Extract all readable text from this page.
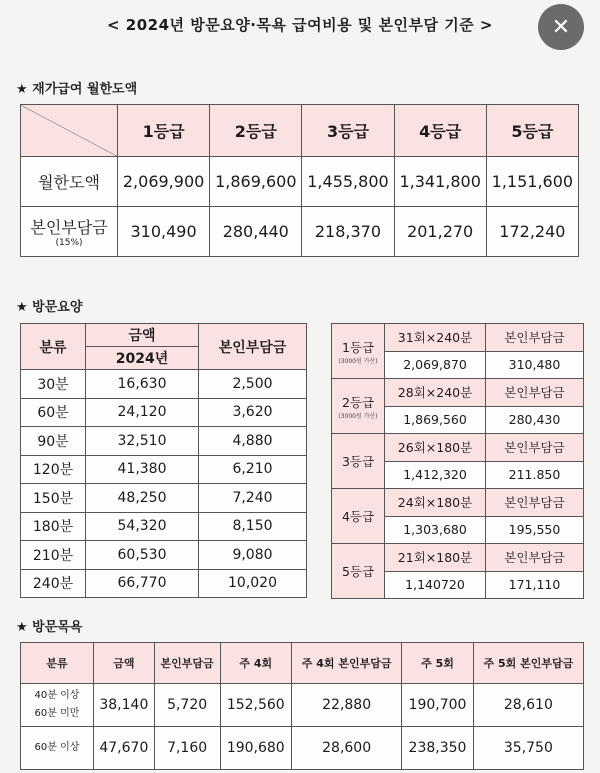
< 2024년 방문요양·목욕 급여비용 및 본인부담 기준 >	✕
★ 재가급여 월한도액
	1등급	2등급	3등급	4등급	5등급
월한도액	2,069,900	1,869,600	1,455,800	1,341,800	1,151,600
본인부담금
(15%)	310,490	280,440	218,370	201,270	172,240
★ 방문요양
분류	금액	본인부담금
	2024년	
30분	16,630	2,500
60분	24,120	3,620
90분	32,510	4,880
120분	41,380	6,210
150분	48,250	7,240
180분	54,320	8,150
210분	60,530	9,080
240분	66,770	10,020
1등급
(3000원 가산)	31회×240분	본인부담금
	2,069,870	310,480
2등급
(3000원 가산)	28회×240분	본인부담금
	1,869,560	280,430
3등급	26회×180분	본인부담금
	1,412,320	211.850
4등급	24회×180분	본인부담금
	1,303,680	195,550
5등급	21회×180분	본인부담금
	1,140720	171,110
★ 방문목욕
분류	금액	본인부담금	주 4회	주 4회 본인부담금	주 5회	주 5회 본인부담금

40분 이상
60분 미만	38,140	5,720	152,560	22,880	190,700	28,610

60분 이상	47,670	7,160	190,680	28,600	238,350	35,750
